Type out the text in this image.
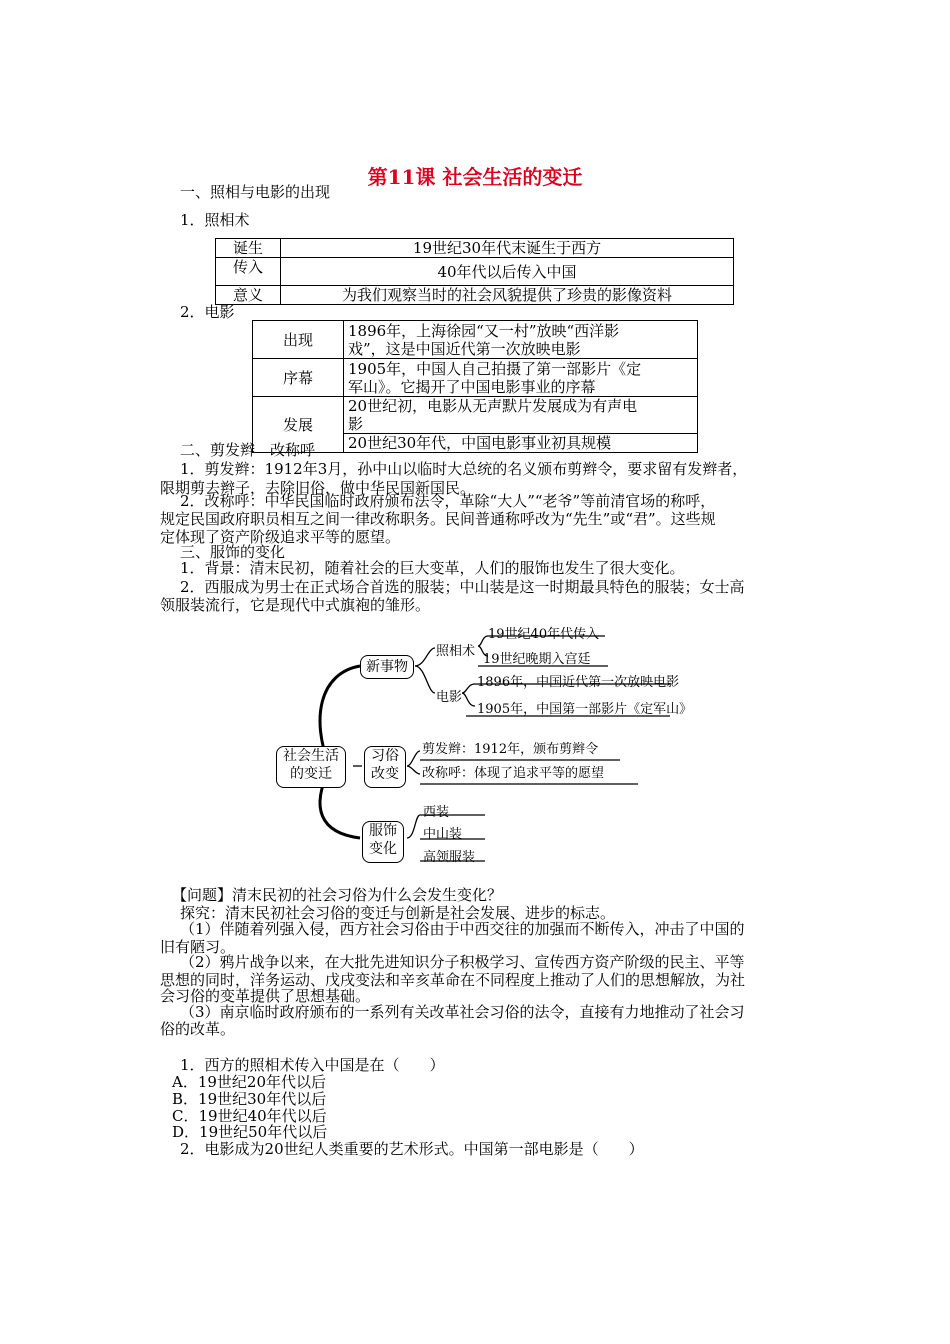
第11课 社会生活的变迁
一、照相与电影的出现
1．照相术
诞生	19世纪30年代末诞生于西方
传入	40年代以后传入中国
意义	为我们观察当时的社会风貌提供了珍贵的影像资料
2．电影
出现	1896年，上海徐园“又一村”放映“西洋影
戏”，这是中国近代第一次放映电影

序幕	1905年，中国人自己拍摄了第一部影片《定
军山》。它揭开了中国电影事业的序幕

发展	20世纪初，电影从无声默片发展成为有声电
影

	20世纪30年代，中国电影事业初具规模
二、剪发辫　改称呼
1．剪发辫：1912年3月，孙中山以临时大总统的名义颁布剪辫令，要求留有发辫者，
限期剪去辫子，去除旧俗，做中华民国新国民。
2．改称呼：中华民国临时政府颁布法令，革除“大人”“老爷”等前清官场的称呼，
规定民国政府职员相互之间一律改称职务。民间普通称呼改为“先生”或“君”。这些规
定体现了资产阶级追求平等的愿望。
三、服饰的变化
1．背景：清末民初，随着社会的巨大变革，人们的服饰也发生了很大变化。
2．西服成为男士在正式场合首选的服装；中山装是这一时期最具特色的服装；女士高
领服装流行，它是现代中式旗袍的雏形。
社会生活
的变迁
新事物
照相术
19世纪40年代传入
19世纪晚期入宫廷
电影
1896年，中国近代第一次放映电影
1905年，中国第一部影片《定军山》
习俗
改变
剪发辫：1912年，颁布剪辫令
改称呼：体现了追求平等的愿望
服饰
变化
西装
中山装
高领服装
【问题】清末民初的社会习俗为什么会发生变化？
探究：清末民初社会习俗的变迁与创新是社会发展、进步的标志。
（1）伴随着列强入侵，西方社会习俗由于中西交往的加强而不断传入，冲击了中国的
旧有陋习。
（2）鸦片战争以来，在大批先进知识分子积极学习、宣传西方资产阶级的民主、平等
思想的同时，洋务运动、戊戌变法和辛亥革命在不同程度上推动了人们的思想解放，为社
会习俗的变革提供了思想基础。
（3）南京临时政府颁布的一系列有关改革社会习俗的法令，直接有力地推动了社会习
俗的改革。
1．西方的照相术传入中国是在（　　）
A．19世纪20年代以后
B．19世纪30年代以后
C．19世纪40年代以后
D．19世纪50年代以后
2．电影成为20世纪人类重要的艺术形式。中国第一部电影是（　　）
